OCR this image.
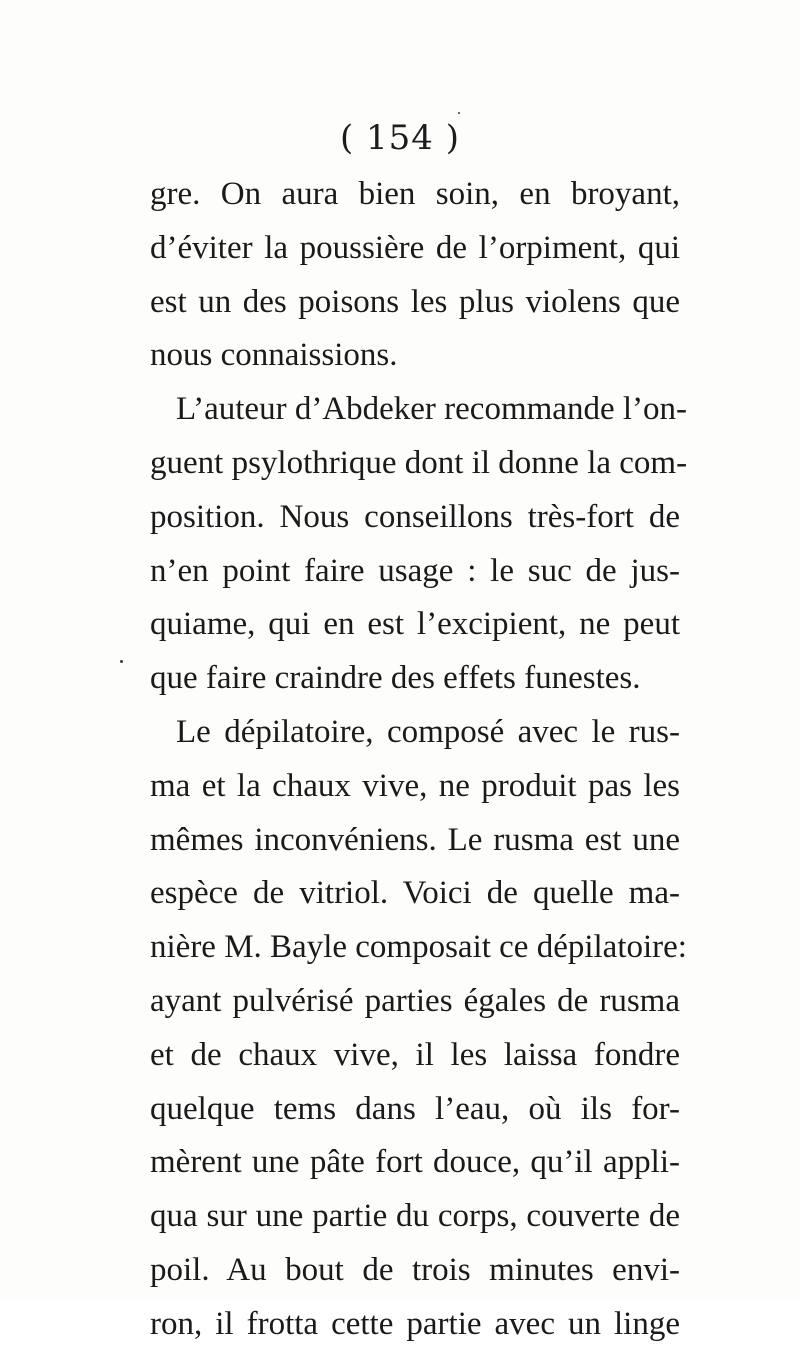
( 154 )
gre. On aura bien soin, en broyant,
d’éviter la poussière de l’orpiment, qui
est un des poisons les plus violens que
nous connaissions.
L’auteur d’Abdeker recommande l’on-
guent psylothrique dont il donne la com-
position. Nous conseillons très-fort de
n’en point faire usage : le suc de jus-
quiame, qui en est l’excipient, ne peut
que faire craindre des effets funestes.
Le dépilatoire, composé avec le rus-
ma et la chaux vive, ne produit pas les
mêmes inconvéniens. Le rusma est une
espèce de vitriol. Voici de quelle ma-
nière M. Bayle composait ce dépilatoire:
ayant pulvérisé parties égales de rusma
et de chaux vive, il les laissa fondre
quelque tems dans l’eau, où ils for-
mèrent une pâte fort douce, qu’il appli-
qua sur une partie du corps, couverte de
poil. Au bout de trois minutes envi-
ron, il frotta cette partie avec un linge
